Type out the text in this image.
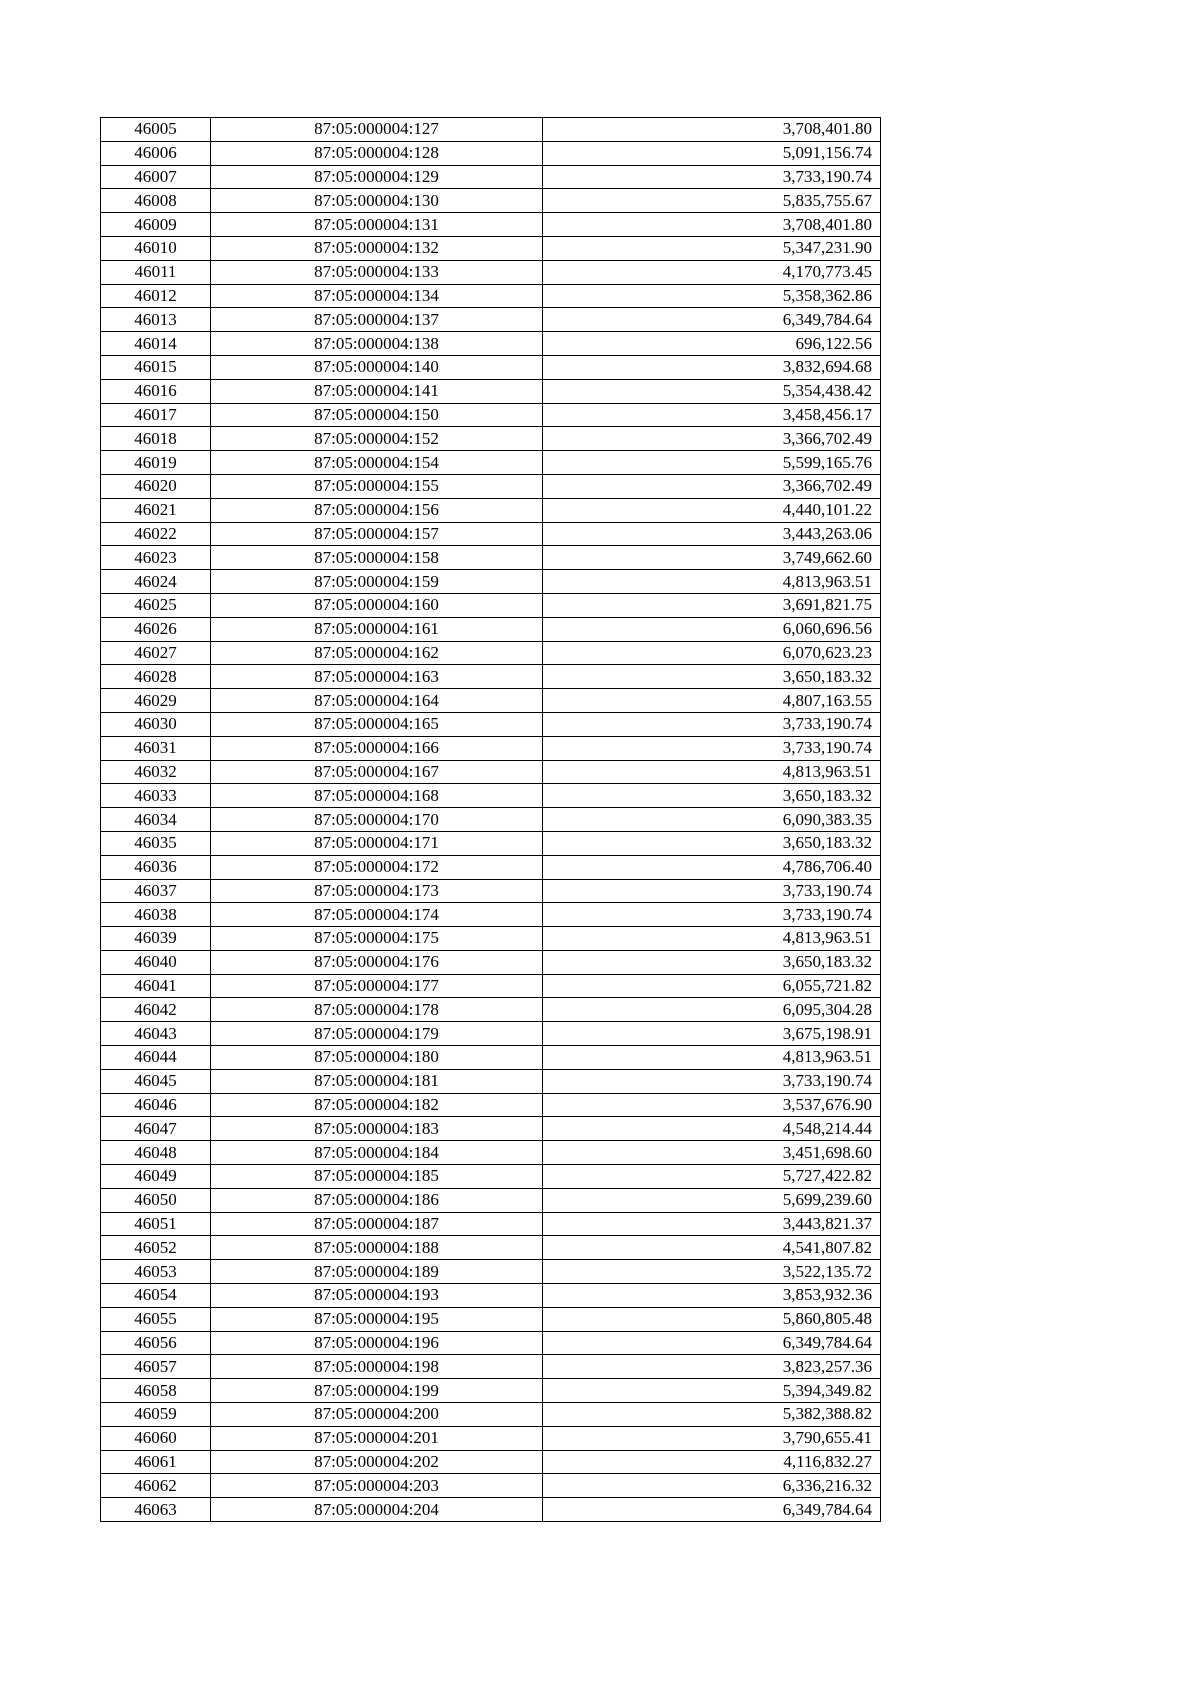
46005	87:05:000004:127	3,708,401.80
46006	87:05:000004:128	5,091,156.74
46007	87:05:000004:129	3,733,190.74
46008	87:05:000004:130	5,835,755.67
46009	87:05:000004:131	3,708,401.80
46010	87:05:000004:132	5,347,231.90
46011	87:05:000004:133	4,170,773.45
46012	87:05:000004:134	5,358,362.86
46013	87:05:000004:137	6,349,784.64
46014	87:05:000004:138	696,122.56
46015	87:05:000004:140	3,832,694.68
46016	87:05:000004:141	5,354,438.42
46017	87:05:000004:150	3,458,456.17
46018	87:05:000004:152	3,366,702.49
46019	87:05:000004:154	5,599,165.76
46020	87:05:000004:155	3,366,702.49
46021	87:05:000004:156	4,440,101.22
46022	87:05:000004:157	3,443,263.06
46023	87:05:000004:158	3,749,662.60
46024	87:05:000004:159	4,813,963.51
46025	87:05:000004:160	3,691,821.75
46026	87:05:000004:161	6,060,696.56
46027	87:05:000004:162	6,070,623.23
46028	87:05:000004:163	3,650,183.32
46029	87:05:000004:164	4,807,163.55
46030	87:05:000004:165	3,733,190.74
46031	87:05:000004:166	3,733,190.74
46032	87:05:000004:167	4,813,963.51
46033	87:05:000004:168	3,650,183.32
46034	87:05:000004:170	6,090,383.35
46035	87:05:000004:171	3,650,183.32
46036	87:05:000004:172	4,786,706.40
46037	87:05:000004:173	3,733,190.74
46038	87:05:000004:174	3,733,190.74
46039	87:05:000004:175	4,813,963.51
46040	87:05:000004:176	3,650,183.32
46041	87:05:000004:177	6,055,721.82
46042	87:05:000004:178	6,095,304.28
46043	87:05:000004:179	3,675,198.91
46044	87:05:000004:180	4,813,963.51
46045	87:05:000004:181	3,733,190.74
46046	87:05:000004:182	3,537,676.90
46047	87:05:000004:183	4,548,214.44
46048	87:05:000004:184	3,451,698.60
46049	87:05:000004:185	5,727,422.82
46050	87:05:000004:186	5,699,239.60
46051	87:05:000004:187	3,443,821.37
46052	87:05:000004:188	4,541,807.82
46053	87:05:000004:189	3,522,135.72
46054	87:05:000004:193	3,853,932.36
46055	87:05:000004:195	5,860,805.48
46056	87:05:000004:196	6,349,784.64
46057	87:05:000004:198	3,823,257.36
46058	87:05:000004:199	5,394,349.82
46059	87:05:000004:200	5,382,388.82
46060	87:05:000004:201	3,790,655.41
46061	87:05:000004:202	4,116,832.27
46062	87:05:000004:203	6,336,216.32
46063	87:05:000004:204	6,349,784.64
